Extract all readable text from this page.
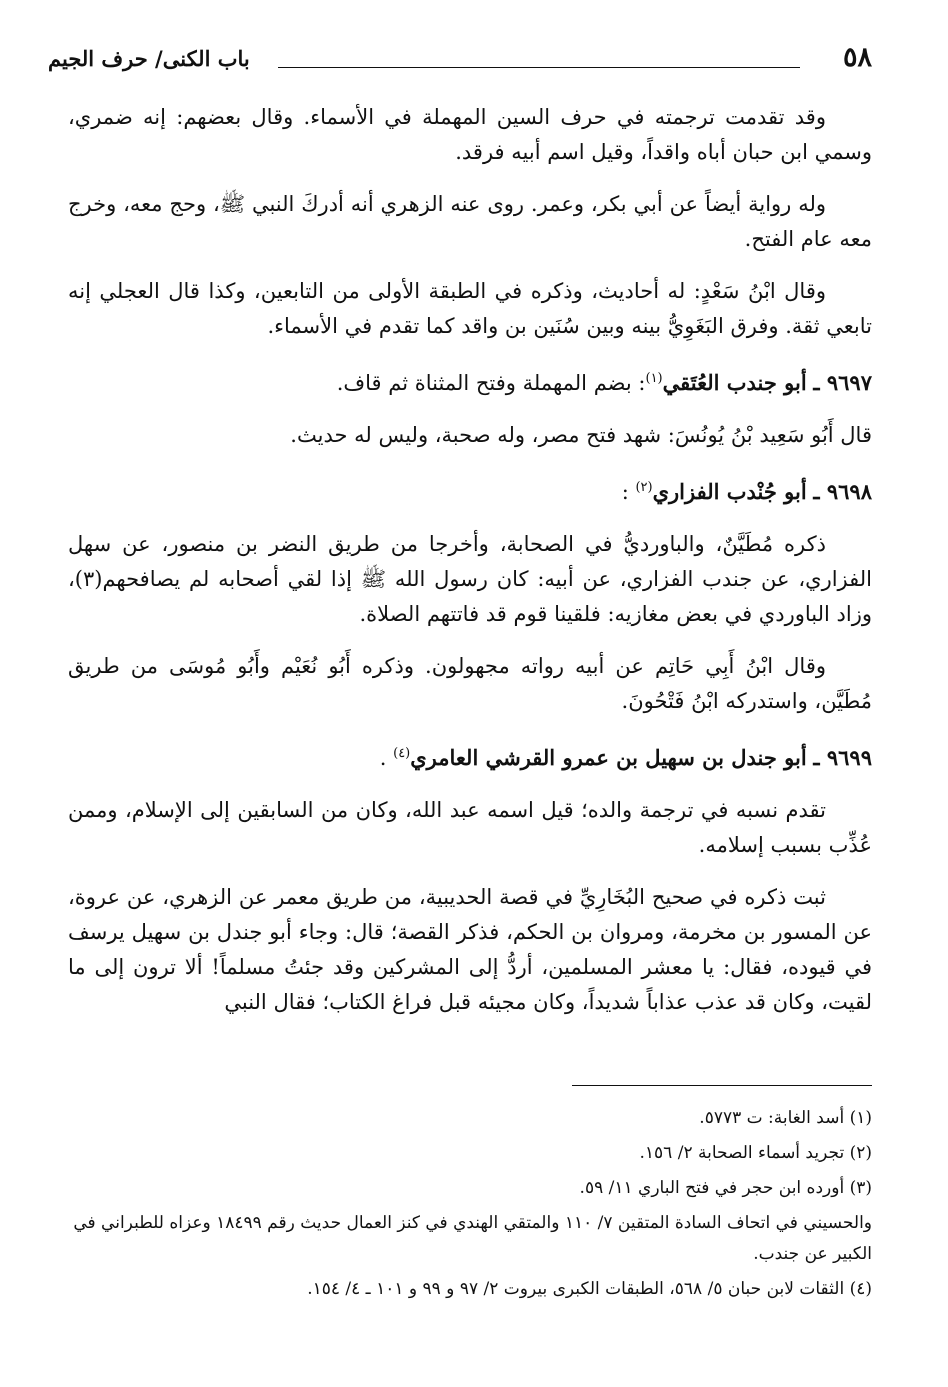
٥٨
باب الكنى/ حرف الجيم

وقد تقدمت ترجمته في حرف السين المهملة في الأسماء. وقال بعضهم: إنه ضمري، وسمي ابن حبان أباه واقداً، وقيل اسم أبيه فرقد.

وله رواية أيضاً عن أبي بكر، وعمر. روى عنه الزهري أنه أدركَ النبي ﷺ، وحج معه، وخرج معه عام الفتح.

وقال ابْنُ سَعْدٍ: له أحاديث، وذكره في الطبقة الأولى من التابعين، وكذا قال العجلي إنه تابعي ثقة. وفرق البَغَوِيُّ بينه وبين سُنَين بن واقد كما تقدم في الأسماء.

٩٦٩٧ ـ أبو جندب العُتَقي$^{(١)}$: بضم المهملة وفتح المثناة ثم قاف.

قال أَبُو سَعِيد بْنُ يُونُسَ: شهد فتح مصر، وله صحبة، وليس له حديث.

٩٦٩٨ ـ أبو جُنْدب الفزاري$^{(٢)}$ :

ذكره مُطَيَّنٌ، والباورديُّ في الصحابة، وأخرجا من طريق النضر بن منصور، عن سهل الفزاري، عن جندب الفزاري، عن أبيه: كان رسول الله ﷺ إذا لقي أصحابه لم يصافحهم(٣)، وزاد الباوردي في بعض مغازيه: فلقينا قوم قد فاتتهم الصلاة.

وقال ابْنُ أَبِي حَاتِم عن أبيه رواته مجهولون. وذكره أَبُو نُعَيْم وأَبُو مُوسَى من طريق مُطَيَّن، واستدركه ابْنُ فَتْحُونَ.

٩٦٩٩ ـ أبو جندل بن سهيل بن عمرو القرشي العامري$^{(٤)}$ .

تقدم نسبه في ترجمة والده؛ قيل اسمه عبد الله، وكان من السابقين إلى الإسلام، وممن عُذِّب بسبب إسلامه.

ثبت ذكره في صحيح البُخَارِيِّ في قصة الحديبية، من طريق معمر عن الزهري، عن عروة، عن المسور بن مخرمة، ومروان بن الحكم، فذكر القصة؛ قال: وجاء أبو جندل بن سهيل يرسف في قيوده، فقال: يا معشر المسلمين، أردُّ إلى المشركين وقد جئتُ مسلماً! ألا ترون إلى ما لقيت، وكان قد عذب عذاباً شديداً، وكان مجيئه قبل فراغ الكتاب؛ فقال النبي

(١) أسد الغابة: ت ٥٧٧٣.

(٢) تجريد أسماء الصحابة ٢/ ١٥٦.

(٣) أورده ابن حجر في فتح الباري ١١/ ٥٩.

والحسيني في اتحاف السادة المتقين ٧/ ١١٠ والمتقي الهندي في كنز العمال حديث رقم ١٨٤٩٩ وعزاه للطبراني في الكبير عن جندب.

(٤) الثقات لابن حبان ٥/ ٥٦٨، الطبقات الكبرى بيروت ٢/ ٩٧ و ٩٩ و ١٠١ ـ ٤/ ١٥٤.
